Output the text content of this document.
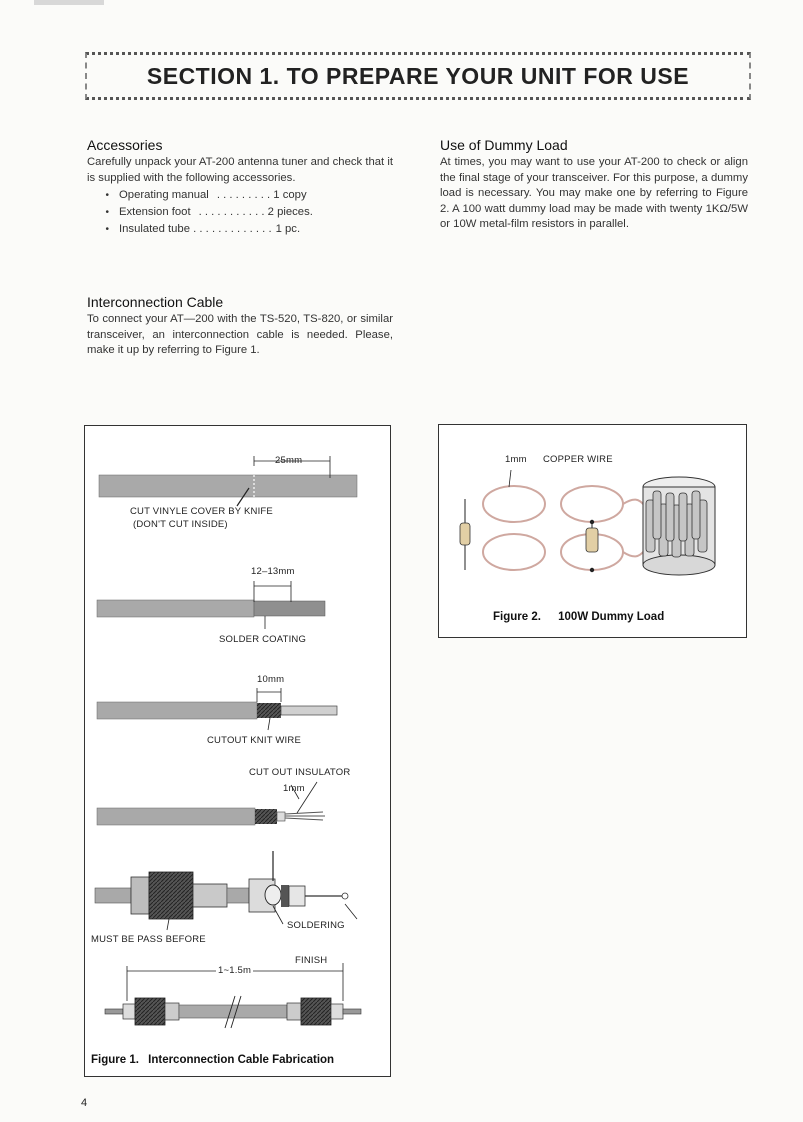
SECTION 1. TO PREPARE YOUR UNIT FOR USE
Accessories
Carefully unpack your AT-200 antenna tuner and check that it is supplied with the following accessories.
• Operating manual . . . . . . . . . 1 copy
• Extension foot . . . . . . . . . . . 2 pieces.
• Insulated tube . . . . . . . . . . . . . 1 pc.
Interconnection Cable
To connect your AT—200 with the TS-520, TS-820, or similar transceiver, an interconnection cable is needed. Please, make it up by referring to Figure 1.
Use of Dummy Load
At times, you may want to use your AT-200 to check or align the final stage of your transceiver. For this purpose, a dummy load is necessary. You may make one by referring to Figure 2. A 100 watt dummy load may be made with twenty 1KΩ/5W or 10W metal-film resistors in parallel.
25mm
CUT VINYLE COVER BY KNIFE
(DON'T CUT INSIDE)
12–13mm
SOLDER COATING
10mm
CUTOUT KNIT WIRE
CUT OUT INSULATOR
1mm
SOLDERING
MUST BE PASS BEFORE
FINISH
1~1.5m
Figure 1. Interconnection Cable Fabrication
1mm COPPER WIRE
Figure 2. 100W Dummy Load
4
